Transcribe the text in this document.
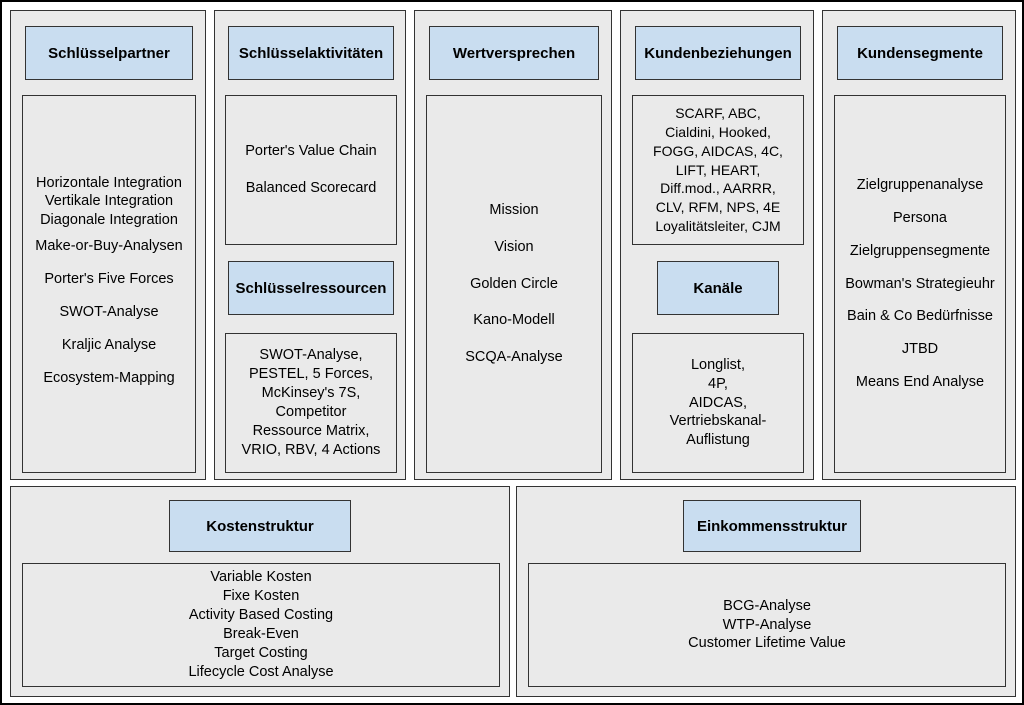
Schlüsselpartner
Horizontale Integration
Vertikale Integration
Diagonale Integration
Make-or-Buy-Analysen
Porter's Five Forces
SWOT-Analyse
Kraljic Analyse
Ecosystem-Mapping
Schlüsselaktivitäten
Porter's Value Chain
Balanced Scorecard
Schlüsselressourcen
SWOT-Analyse,
PESTEL, 5 Forces,
McKinsey's 7S,
Competitor
Ressource Matrix,
VRIO, RBV, 4 Actions
Wertversprechen
Mission
Vision
Golden Circle
Kano-Modell
SCQA-Analyse
Kundenbeziehungen
SCARF, ABC,
Cialdini, Hooked,
FOGG, AIDCAS, 4C,
LIFT, HEART,
Diff.mod., AARRR,
CLV, RFM, NPS, 4E
Loyalitätsleiter, CJM
Kanäle
Longlist,
4P,
AIDCAS,
Vertriebskanal-
Auflistung
Kundensegmente
Zielgruppenanalyse
Persona
Zielgruppensegmente
Bowman's Strategieuhr
Bain & Co Bedürfnisse
JTBD
Means End Analyse
Kostenstruktur
Variable Kosten
Fixe Kosten
Activity Based Costing
Break-Even
Target Costing
Lifecycle Cost Analyse
Einkommensstruktur
BCG-Analyse
WTP-Analyse
Customer Lifetime Value
